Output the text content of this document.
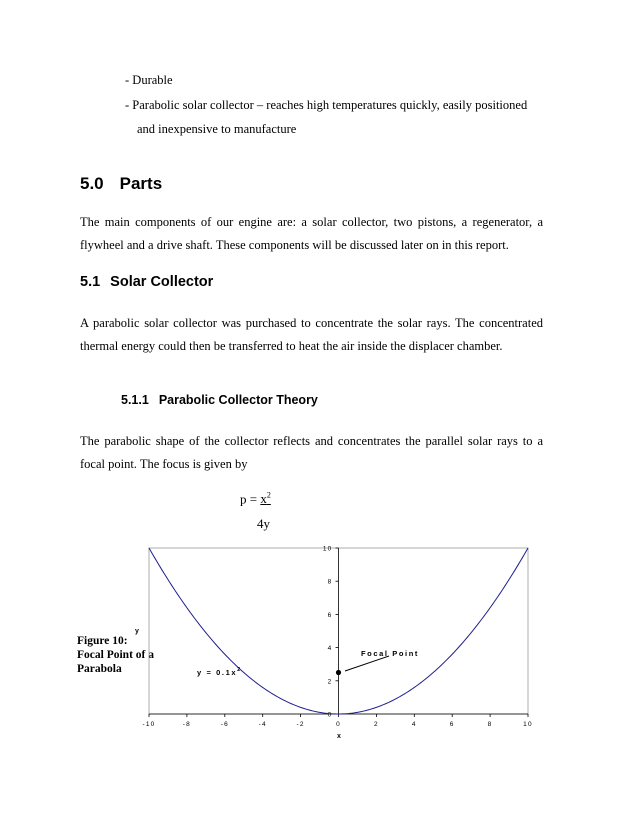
- Durable
- Parabolic solar collector – reaches high temperatures quickly, easily positioned
and inexpensive to manufacture
5.0 Parts
The main components of our engine are: a solar collector, two pistons, a regenerator, a flywheel and a drive shaft. These components will be discussed later on in this report.
5.1 Solar Collector
A parabolic solar collector was purchased to concentrate the solar rays. The concentrated thermal energy could then be transferred to heat the air inside the displacer chamber.
5.1.1 Parabolic Collector Theory
The parabolic shape of the collector reflects and concentrates the parallel solar rays to a focal point. The focus is given by
$p = x^2$
4y
Figure 10:
Focal Point of a
Parabola
-10	-8	-6	-4	-2	0	2	4	6	8	10
0
2
4
6
8
10
x
y
$y = 0.1x^2$
Focal Point
